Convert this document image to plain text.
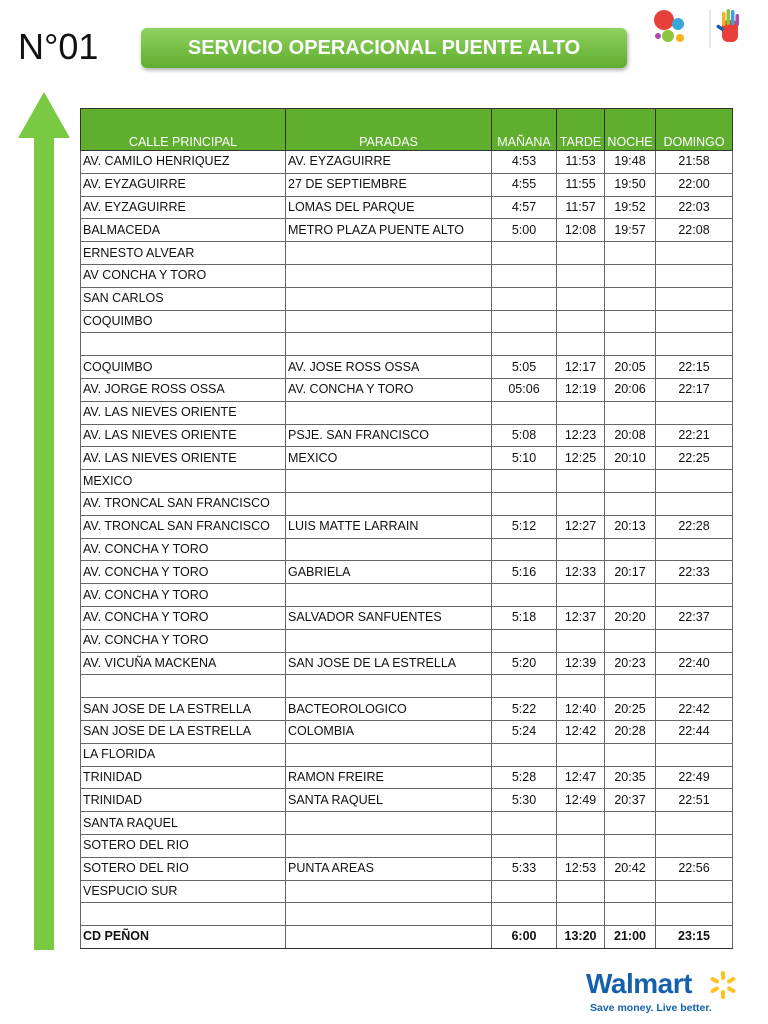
N°01	SERVICIO OPERACIONAL PUENTE ALTO
CALLE PRINCIPAL	PARADAS	MAÑANA	TARDE	NOCHE	DOMINGO
AV. CAMILO HENRIQUEZ	AV. EYZAGUIRRE	4:53	11:53	19:48	21:58
AV. EYZAGUIRRE	27 DE SEPTIEMBRE	4:55	11:55	19:50	22:00
AV. EYZAGUIRRE	LOMAS DEL PARQUE	4:57	11:57	19:52	22:03
BALMACEDA	METRO PLAZA PUENTE ALTO	5:00	12:08	19:57	22:08
ERNESTO ALVEAR					
AV CONCHA Y TORO					
SAN CARLOS					
COQUIMBO					

COQUIMBO	AV. JOSE ROSS OSSA	5:05	12:17	20:05	22:15
AV. JORGE ROSS OSSA	AV. CONCHA Y TORO	05:06	12:19	20:06	22:17
AV. LAS NIEVES ORIENTE					
AV. LAS NIEVES ORIENTE	PSJE. SAN FRANCISCO	5:08	12:23	20:08	22:21
AV. LAS NIEVES ORIENTE	MEXICO	5:10	12:25	20:10	22:25
MEXICO					
AV. TRONCAL SAN FRANCISCO					
AV. TRONCAL SAN FRANCISCO	LUIS MATTE LARRAIN	5:12	12:27	20:13	22:28
AV. CONCHA Y TORO					
AV. CONCHA Y TORO	GABRIELA	5:16	12:33	20:17	22:33
AV. CONCHA Y TORO					
AV. CONCHA Y TORO	SALVADOR SANFUENTES	5:18	12:37	20:20	22:37
AV. CONCHA Y TORO					
AV. VICUÑA MACKENA	SAN JOSE DE LA ESTRELLA	5:20	12:39	20:23	22:40

SAN JOSE DE LA ESTRELLA	BACTEOROLOGICO	5:22	12:40	20:25	22:42
SAN JOSE DE LA ESTRELLA	COLOMBIA	5:24	12:42	20:28	22:44
LA FLORIDA					
TRINIDAD	RAMON FREIRE	5:28	12:47	20:35	22:49
TRINIDAD	SANTA RAQUEL	5:30	12:49	20:37	22:51
SANTA RAQUEL					
SOTERO DEL RIO					
SOTERO DEL RIO	PUNTA AREAS	5:33	12:53	20:42	22:56
VESPUCIO SUR					

CD PEÑON		6:00	13:20	21:00	23:15
Walmart
Save money. Live better.
